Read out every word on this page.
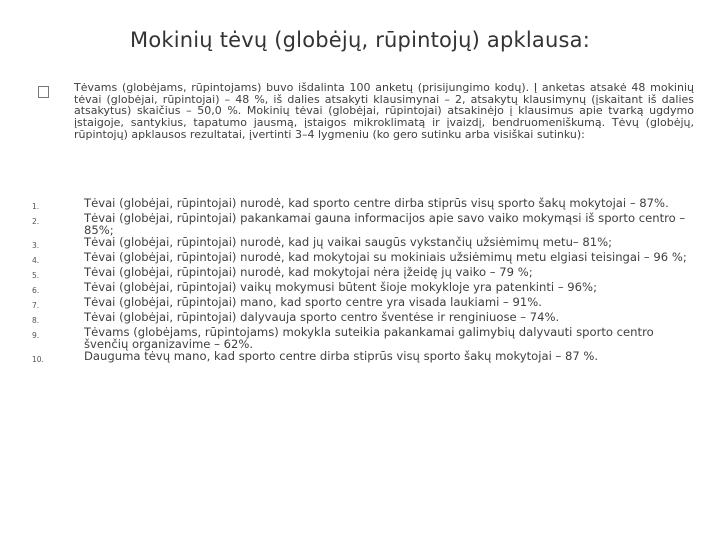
Mokinių tėvų (globėjų, rūpintojų) apklausa:
Tėvams (globėjams, rūpintojams) buvo išdalinta 100 anketų (prisijungimo kodų). Į anketas atsakė 48 mokinių tėvai (globėjai, rūpintojai) – 48 %, iš dalies atsakyti klausimynai – 2, atsakytų klausimynų (įskaitant iš dalies atsakytus) skaičius – 50,0 %. Mokinių tėvai (globėjai, rūpintojai) atsakinėjo į klausimus apie tvarką ugdymo įstaigoje, santykius, tapatumo jausmą, įstaigos mikroklimatą ir įvaizdį, bendruomeniškumą. Tėvų (globėjų, rūpintojų) apklausos rezultatai, įvertinti 3–4 lygmeniu (ko gero sutinku arba visiškai sutinku):
1.	Tėvai (globėjai, rūpintojai) nurodė, kad sporto centre dirba stiprūs visų sporto šakų mokytojai – 87%.
2.	Tėvai (globėjai, rūpintojai) pakankamai gauna informacijos apie savo vaiko mokymąsi iš sporto centro – 85%;
3.	Tėvai (globėjai, rūpintojai) nurodė, kad jų vaikai saugūs vykstančių užsiėmimų metu– 81%;
4.	Tėvai (globėjai, rūpintojai) nurodė, kad mokytojai su mokiniais užsiėmimų metu elgiasi teisingai – 96 %;
5.	Tėvai (globėjai, rūpintojai) nurodė, kad mokytojai nėra įžeidę jų vaiko – 79 %;
6.	Tėvai (globėjai, rūpintojai) vaikų mokymusi būtent šioje mokykloje yra patenkinti – 96%;
7.	Tėvai (globėjai, rūpintojai) mano, kad sporto centre yra visada laukiami – 91%.
8.	Tėvai (globėjai, rūpintojai) dalyvauja sporto centro šventėse ir renginiuose – 74%.
9.	Tėvams (globėjams, rūpintojams) mokykla suteikia pakankamai galimybių dalyvauti sporto centro švenčių organizavime – 62%.
10.	Dauguma tėvų mano, kad sporto centre dirba stiprūs visų sporto šakų mokytojai – 87 %.
